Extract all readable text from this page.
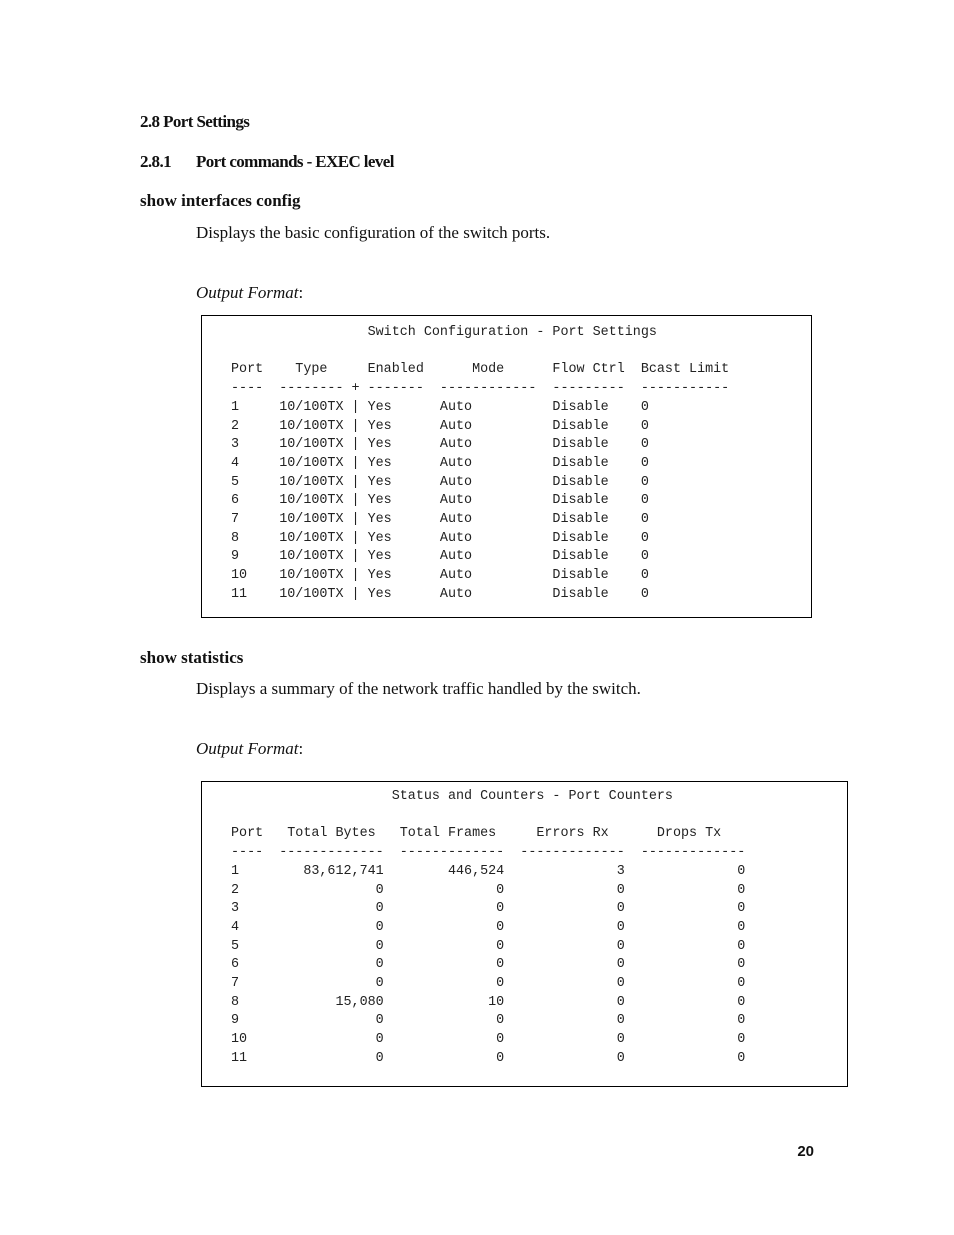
2.8 Port Settings
2.8.1 Port commands - EXEC level
show interfaces config
Displays the basic configuration of the switch ports.
Output Format:
Switch Configuration - Port Settings

Port    Type     Enabled      Mode      Flow Ctrl  Bcast Limit
----  -------- + -------  ------------  ---------  -----------
1     10/100TX | Yes      Auto          Disable    0
2     10/100TX | Yes      Auto          Disable    0
3     10/100TX | Yes      Auto          Disable    0
4     10/100TX | Yes      Auto          Disable    0
5     10/100TX | Yes      Auto          Disable    0
6     10/100TX | Yes      Auto          Disable    0
7     10/100TX | Yes      Auto          Disable    0
8     10/100TX | Yes      Auto          Disable    0
9     10/100TX | Yes      Auto          Disable    0
10    10/100TX | Yes      Auto          Disable    0
11    10/100TX | Yes      Auto          Disable    0
show statistics
Displays a summary of the network traffic handled by the switch.
Output Format:
Status and Counters - Port Counters

Port   Total Bytes   Total Frames     Errors Rx      Drops Tx
----  -------------  -------------  -------------  -------------
1        83,612,741        446,524              3              0
2                 0              0              0              0
3                 0              0              0              0
4                 0              0              0              0
5                 0              0              0              0
6                 0              0              0              0
7                 0              0              0              0
8            15,080             10              0              0
9                 0              0              0              0
10                0              0              0              0
11                0              0              0              0
20
